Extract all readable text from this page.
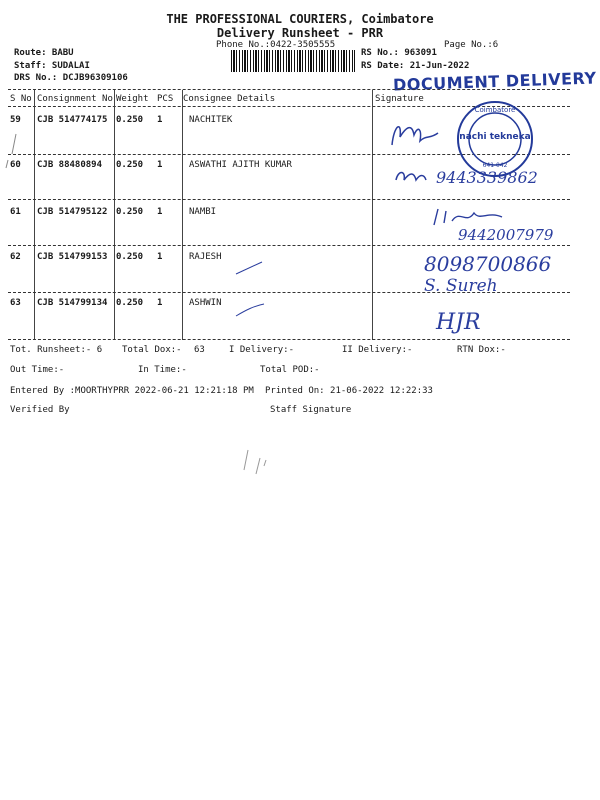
THE PROFESSIONAL COURIERS, Coimbatore
Delivery Runsheet - PRR
Phone No.:0422-3505555	Page No.:6
Route: BABU
Staff: SUDALAI
DRS No.: DCJB96309106
RS No.: 963091
RS Date: 21-Jun-2022
DOCUMENT DELIVERY
S No Consignment No Weight PCS Consignee Details	Signature
59 CJB 514774175 0.250 1	NACHITEK
60 CJB 88480894 0.250 1	ASWATHI AJITH KUMAR
61 CJB 514795122 0.250 1	NAMBI
62 CJB 514799153 0.250 1	RAJESH
63 CJB 514799134 0.250 1	ASHWIN
Coimbatore
nachi tekneka
641 042
9443339862
9442007979
8098700866
S. Sureh
HJR
Tot. Runsheet:- 6 Total Dox:- 63	I Delivery:-	II Delivery:-	RTN Dox:-
Out Time:-	In Time:-	Total POD:-
Entered By :MOORTHYPRR 2022-06-21 12:21:18 PM Printed On: 21-06-2022 12:22:33
Verified By	Staff Signature
